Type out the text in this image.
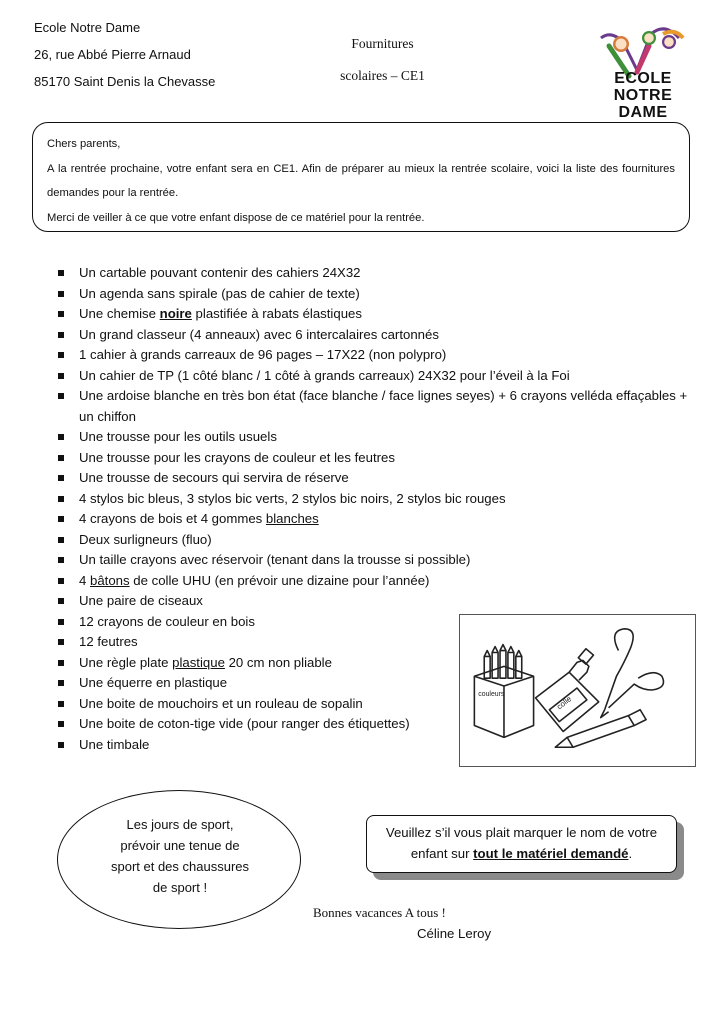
Ecole Notre Dame
26, rue Abbé Pierre Arnaud
85170 Saint Denis la Chevasse
Fournitures
scolaires – CE1	ECOLE
NOTRE DAME

Chers parents,

A la rentrée prochaine, votre enfant sera en CE1. Afin de préparer au mieux la rentrée scolaire, voici la liste des fournitures demandes pour la rentrée.

Merci de veiller à ce que votre enfant dispose de ce matériel pour la rentrée.

Un cartable pouvant contenir des cahiers 24X32
Un agenda sans spirale (pas de cahier de texte)
Une chemise noire plastifiée à rabats élastiques
Un grand classeur (4 anneaux) avec 6 intercalaires cartonnés
1 cahier à grands carreaux de 96 pages – 17X22 (non polypro)
Un cahier de TP (1 côté blanc / 1 côté à grands carreaux) 24X32 pour l’éveil à la Foi
Une ardoise blanche en très bon état (face blanche / face lignes seyes) + 6 crayons velléda effaçables + un chiffon
Une trousse pour les outils usuels
Une trousse pour les crayons de couleur et les feutres
Une trousse de secours qui servira de réserve
4 stylos bic bleus, 3 stylos bic verts, 2 stylos bic noirs, 2 stylos bic rouges
4 crayons de bois et 4 gommes blanches
Deux surligneurs (fluo)
Un taille crayons avec réservoir (tenant dans la trousse si possible)
4 bâtons de colle UHU (en prévoir une dizaine pour l’année)
Une paire de ciseaux
12 crayons de couleur en bois
12 feutres
Une règle plate plastique 20 cm non pliable
Une équerre en plastique
Une boite de mouchoirs et un rouleau de sopalin
Une boite de coton-tige vide (pour ranger des étiquettes)
Une timbale
couleurs	colle
Les jours de sport,
prévoir une tenue de
sport et des chaussures
de sport !
Veuillez s’il vous plait marquer le nom de votre
enfant sur tout le matériel demandé.
Bonnes vacances A tous !
Céline Leroy
